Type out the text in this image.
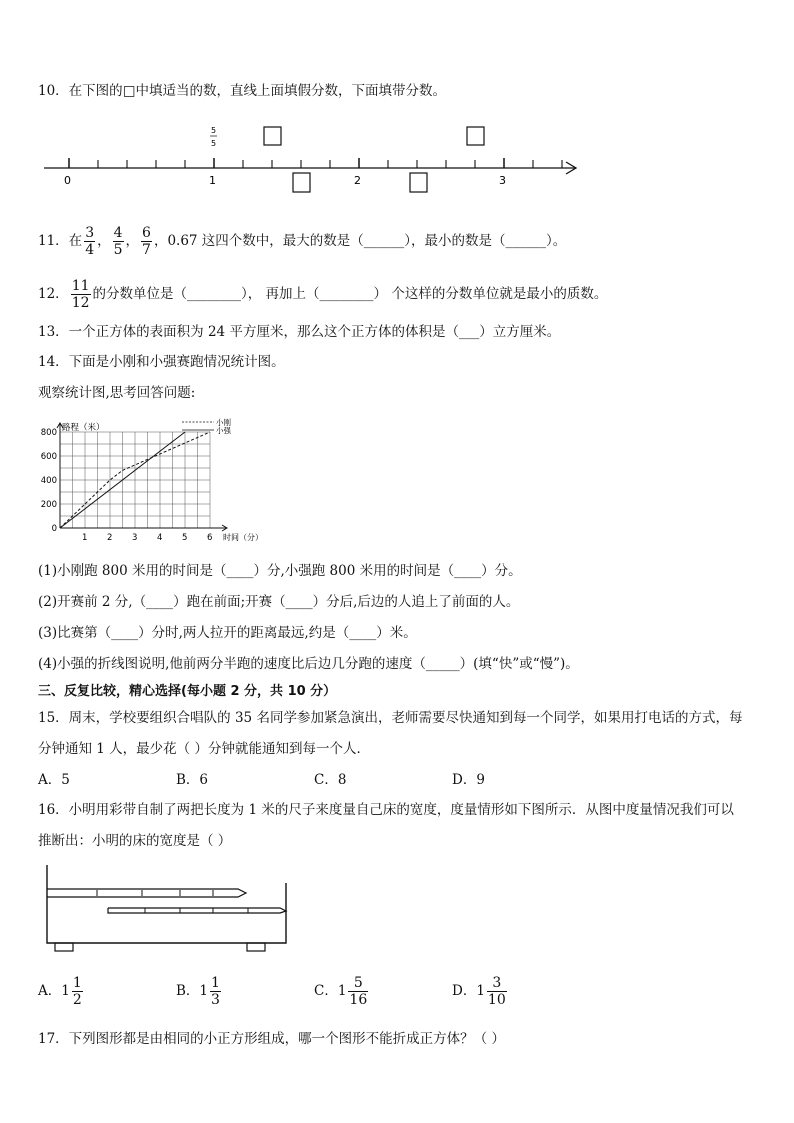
10．在下图的□中填适当的数，直线上面填假分数，下面填带分数。
0	1	2	3
5
5
11．在 $\frac{3}{4}$ ， $\frac{4}{5}$ ， $\frac{6}{7}$ ，0.67 这四个数中，最大的数是（______），最小的数是（______）。
12． $\frac{11}{12}$ 的分数单位是（________）， 再加上（________） 个这样的分数单位就是最小的质数。
13．一个正方体的表面积为 24 平方厘米，那么这个正方体的体积是（___）立方厘米。
14．下面是小刚和小强赛跑情况统计图。
观察统计图,思考回答问题:
1 2 3 4 5 6
0
200
400
600
800
时间（分）
路程（米）
小刚
小强
(1)小刚跑 800 米用的时间是（____）分,小强跑 800 米用的时间是（____）分。
(2)开赛前 2 分,（____）跑在前面;开赛（____）分后,后边的人追上了前面的人。
(3)比赛第（____）分时,两人拉开的距离最远,约是（____）米。
(4)小强的折线图说明,他前两分半跑的速度比后边几分跑的速度（_____）(填“快”或“慢”)。
三、反复比较，精心选择(每小题 2 分，共 10 分）
15．周末，学校要组织合唱队的 35 名同学参加紧急演出，老师需要尽快通知到每一个同学，如果用打电话的方式，每
分钟通知 1 人，最少花（ ）分钟就能通知到每一个人．
A．5	B．6	C．8	D．9
16．小明用彩带自制了两把长度为 1 米的尺子来度量自己床的宽度，度量情形如下图所示．从图中度量情况我们可以
推断出：小明的床的宽度是（ ）
A．$1 \frac{1}{2}$	B．$1 \frac{1}{3}$	C．$1 \frac{5}{16}$	D．$1 \frac{3}{10}$
17．下列图形都是由相同的小正方形组成，哪一个图形不能折成正方体？（ ）
